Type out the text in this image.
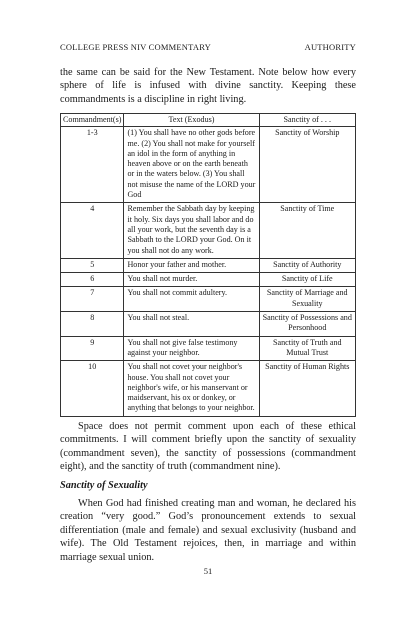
COLLEGE PRESS NIV COMMENTARY	AUTHORITY

the same can be said for the New Testament. Note below how every sphere of life is infused with divine sanctity. Keeping these commandments is a discipline in right living.

Commandment(s)	Text (Exodus)	Sanctity of . . .
1-3	(1) You shall have no other gods before me. (2) You shall not make for yourself an idol in the form of anything in heaven above or on the earth beneath or in the waters below. (3) You shall not misuse the name of the LORD your God	Sanctity of Worship
4	Remember the Sabbath day by keeping it holy. Six days you shall labor and do all your work, but the seventh day is a Sabbath to the LORD your God. On it you shall not do any work.	Sanctity of Time
5	Honor your father and mother.	Sanctity of Authority
6	You shall not murder.	Sanctity of Life
7	You shall not commit adultery.	Sanctity of Marriage and Sexuality
8	You shall not steal.	Sanctity of Possessions and Personhood
9	You shall not give false testimony against your neighbor.	Sanctity of Truth and Mutual Trust
10	You shall not covet your neighbor's house. You shall not covet your neighbor's wife, or his manservant or maidservant, his ox or donkey, or anything that belongs to your neighbor.	Sanctity of Human Rights

Space does not permit comment upon each of these ethical commitments. I will comment briefly upon the sanctity of sexuality (commandment seven), the sanctity of possessions (commandment eight), and the sanctity of truth (commandment nine).

Sanctity of Sexuality

When God had finished creating man and woman, he declared his creation “very good.” God’s pronouncement extends to sexual differentiation (male and female) and sexual exclusivity (husband and wife). The Old Testament rejoices, then, in marriage and within marriage sexual union.

51
